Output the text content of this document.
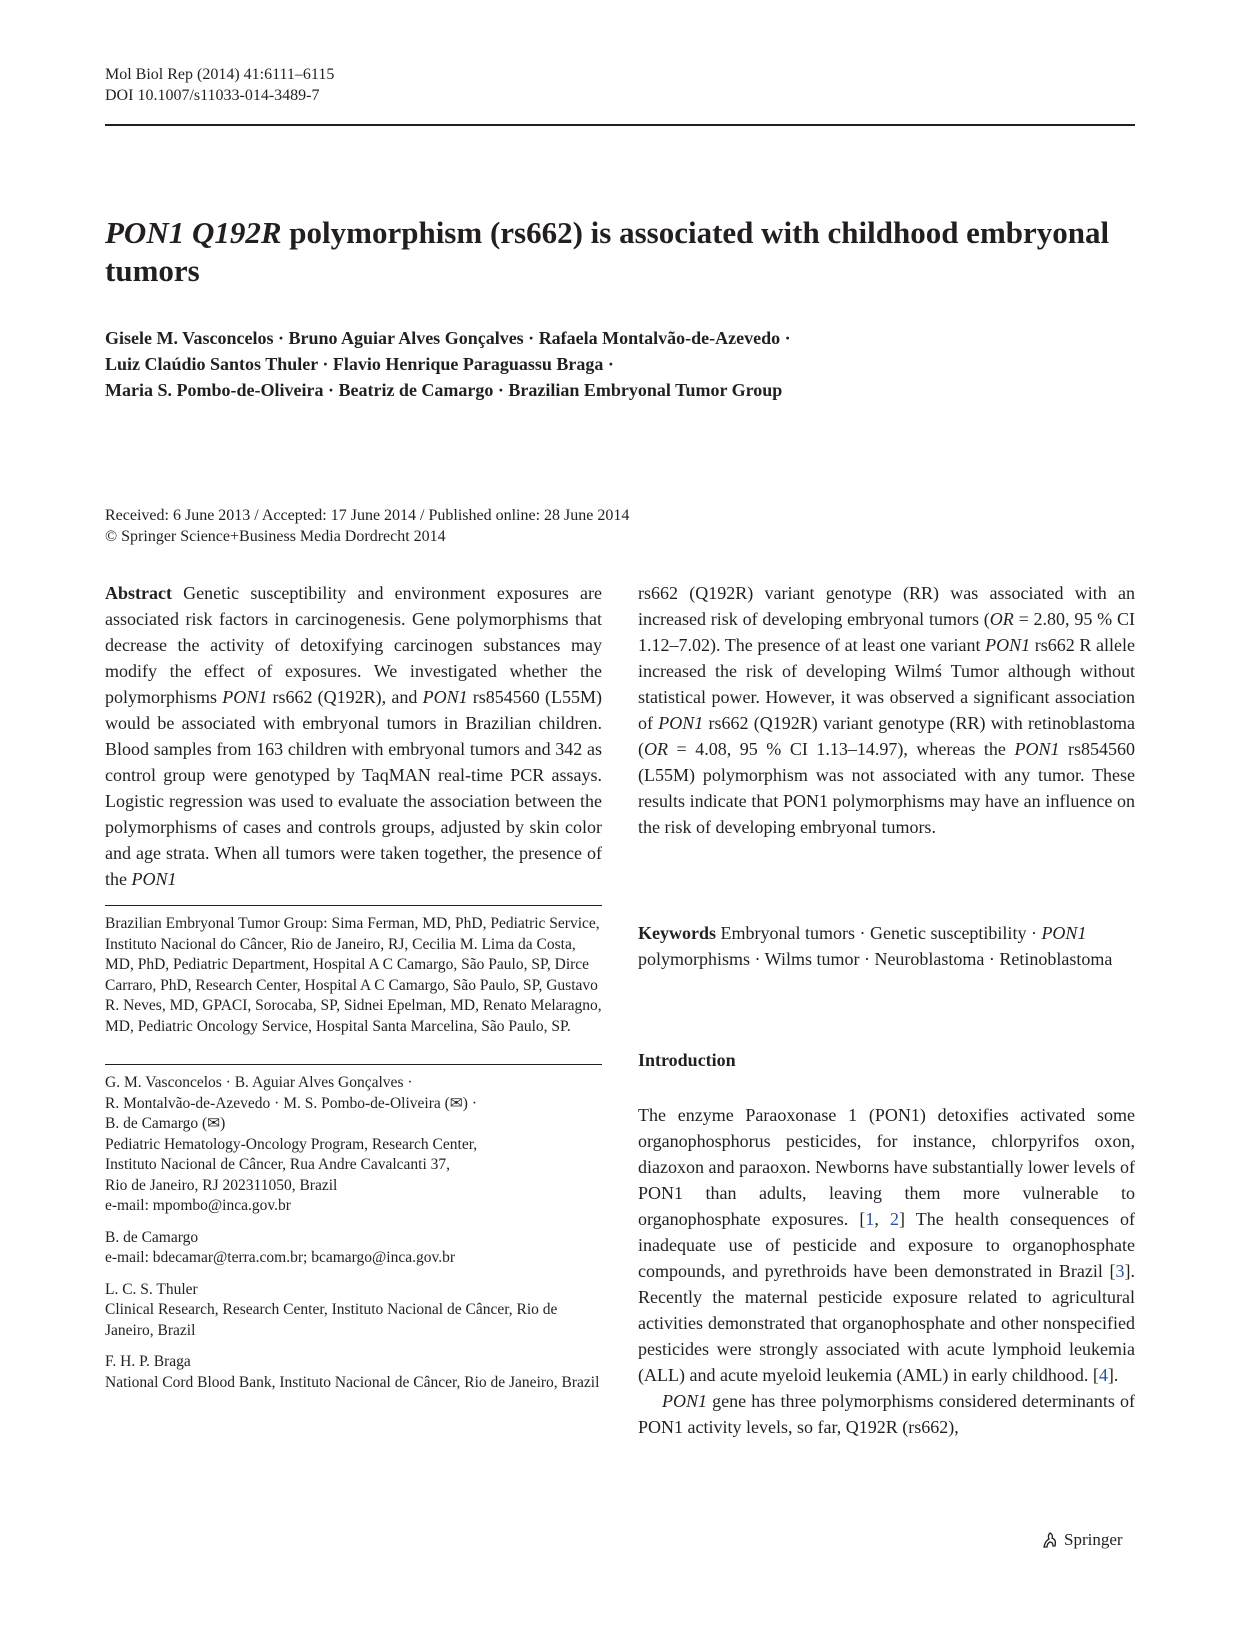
Mol Biol Rep (2014) 41:6111–6115
DOI 10.1007/s11033-014-3489-7
PON1 Q192R polymorphism (rs662) is associated with childhood embryonal tumors
Gisele M. Vasconcelos · Bruno Aguiar Alves Gonçalves · Rafaela Montalvão-de-Azevedo ·
Luiz Claúdio Santos Thuler · Flavio Henrique Paraguassu Braga ·
Maria S. Pombo-de-Oliveira · Beatriz de Camargo · Brazilian Embryonal Tumor Group
Received: 6 June 2013 / Accepted: 17 June 2014 / Published online: 28 June 2014
© Springer Science+Business Media Dordrecht 2014
Abstract Genetic susceptibility and environment exposures are associated risk factors in carcinogenesis. Gene polymorphisms that decrease the activity of detoxifying carcinogen substances may modify the effect of exposures. We investigated whether the polymorphisms PON1 rs662 (Q192R), and PON1 rs854560 (L55M) would be associated with embryonal tumors in Brazilian children. Blood samples from 163 children with embryonal tumors and 342 as control group were genotyped by TaqMAN real-time PCR assays. Logistic regression was used to evaluate the association between the polymorphisms of cases and controls groups, adjusted by skin color and age strata. When all tumors were taken together, the presence of the PON1
rs662 (Q192R) variant genotype (RR) was associated with an increased risk of developing embryonal tumors (OR = 2.80, 95 % CI 1.12–7.02). The presence of at least one variant PON1 rs662 R allele increased the risk of developing Wilmś Tumor although without statistical power. However, it was observed a significant association of PON1 rs662 (Q192R) variant genotype (RR) with retinoblastoma (OR = 4.08, 95 % CI 1.13–14.97), whereas the PON1 rs854560 (L55M) polymorphism was not associated with any tumor. These results indicate that PON1 polymorphisms may have an influence on the risk of developing embryonal tumors.
Keywords Embryonal tumors · Genetic susceptibility · PON1 polymorphisms · Wilms tumor · Neuroblastoma · Retinoblastoma
Introduction

The enzyme Paraoxonase 1 (PON1) detoxifies activated some organophosphorus pesticides, for instance, chlorpyrifos oxon, diazoxon and paraoxon. Newborns have substantially lower levels of PON1 than adults, leaving them more vulnerable to organophosphate exposures. [1, 2] The health consequences of inadequate use of pesticide and exposure to organophosphate compounds, and pyrethroids have been demonstrated in Brazil [3]. Recently the maternal pesticide exposure related to agricultural activities demonstrated that organophosphate and other nonspecified pesticides were strongly associated with acute lymphoid leukemia (ALL) and acute myeloid leukemia (AML) in early childhood. [4].

PON1 gene has three polymorphisms considered determinants of PON1 activity levels, so far, Q192R (rs662),

Brazilian Embryonal Tumor Group: Sima Ferman, MD, PhD, Pediatric Service, Instituto Nacional do Câncer, Rio de Janeiro, RJ, Cecilia M. Lima da Costa, MD, PhD, Pediatric Department, Hospital A C Camargo, São Paulo, SP, Dirce Carraro, PhD, Research Center, Hospital A C Camargo, São Paulo, SP, Gustavo R. Neves, MD, GPACI, Sorocaba, SP, Sidnei Epelman, MD, Renato Melaragno, MD, Pediatric Oncology Service, Hospital Santa Marcelina, São Paulo, SP.

G. M. Vasconcelos · B. Aguiar Alves Gonçalves ·

R. Montalvão-de-Azevedo · M. S. Pombo-de-Oliveira (✉) ·

B. de Camargo (✉)

Pediatric Hematology-Oncology Program, Research Center,

Instituto Nacional de Câncer, Rua Andre Cavalcanti 37,

Rio de Janeiro, RJ 202311050, Brazil

e-mail: mpombo@inca.gov.br

B. de Camargo

e-mail: bdecamar@terra.com.br; bcamargo@inca.gov.br

L. C. S. Thuler

Clinical Research, Research Center, Instituto Nacional de Câncer, Rio de Janeiro, Brazil

F. H. P. Braga

National Cord Blood Bank, Instituto Nacional de Câncer, Rio de Janeiro, Brazil

Springer
